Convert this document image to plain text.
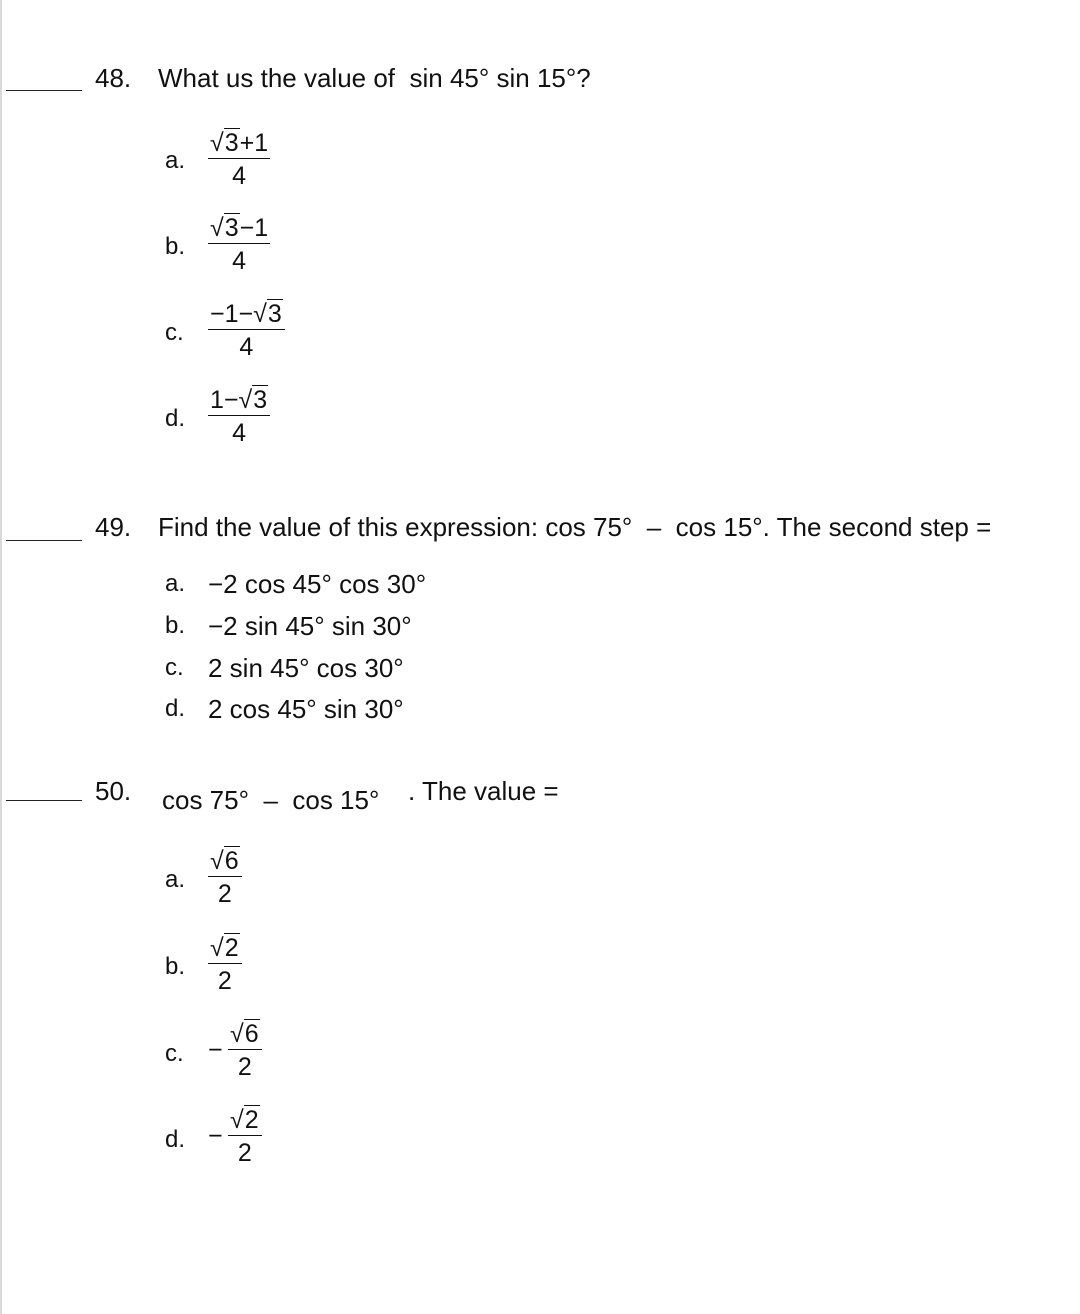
48. What us the value of sin 45° sin 15°?
a. $\frac{√3+1}{4}$
b. $\frac{√3-1}{4}$
c. $\frac{-1-√3}{4}$
d. $\frac{1-√3}{4}$
49. Find the value of this expression: cos 75°  –  cos 15°. The second step =
a. −2 cos 45° cos 30°
b. −2 sin 45° sin 30°
c. 2 sin 45° cos 30°
d. 2 cos 45° sin 30°
50. cos 75°  –  cos 15° . The value =
a. $\frac{√6}{2}$
b. $\frac{√2}{2}$
c. − $\frac{√6}{2}$
d. − $\frac{√2}{2}$
